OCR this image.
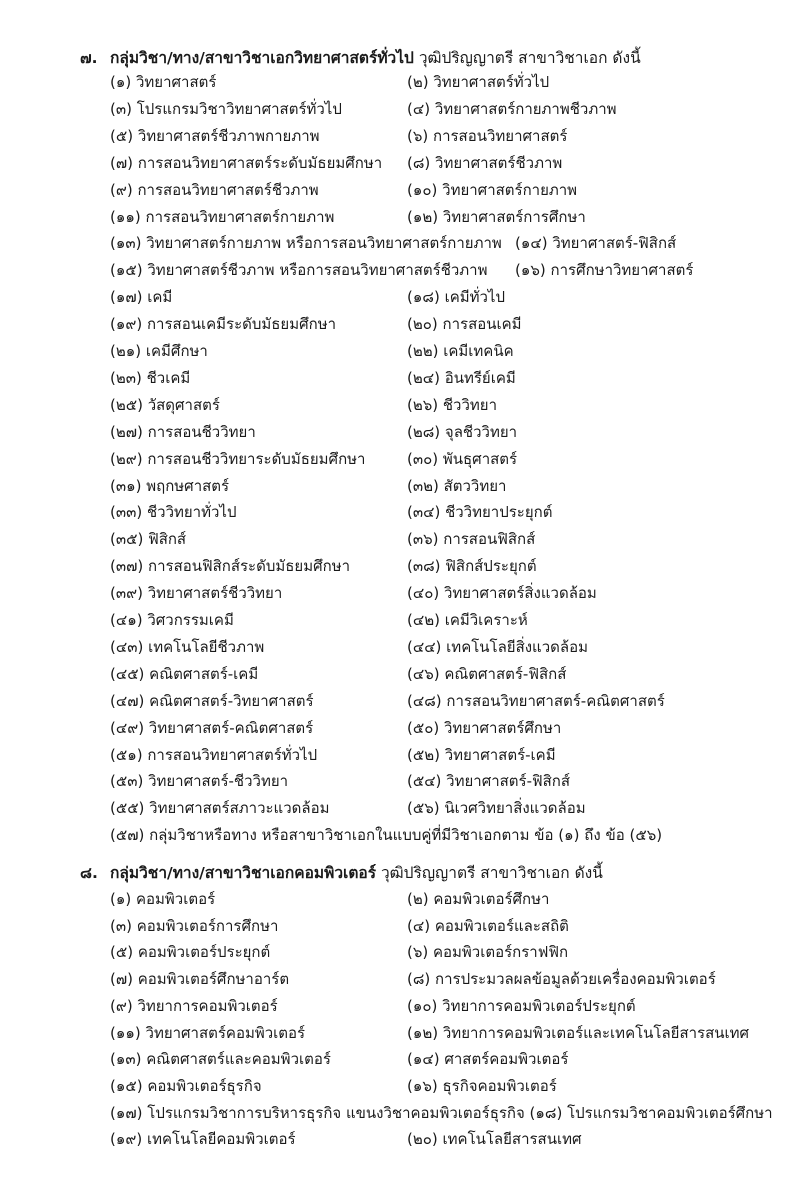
๗. กลุ่มวิชา/ทาง/สาขาวิชาเอกวิทยาศาสตร์ทั่วไป วุฒิปริญญาตรี สาขาวิชาเอก ดังนี้
(๑) วิทยาศาสตร์	(๒) วิทยาศาสตร์ทั่วไป
(๓) โปรแกรมวิชาวิทยาศาสตร์ทั่วไป	(๔) วิทยาศาสตร์กายภาพชีวภาพ
(๕) วิทยาศาสตร์ชีวภาพกายภาพ	(๖) การสอนวิทยาศาสตร์
(๗) การสอนวิทยาศาสตร์ระดับมัธยมศึกษา (๘) วิทยาศาสตร์ชีวภาพ
(๙) การสอนวิทยาศาสตร์ชีวภาพ	(๑๐) วิทยาศาสตร์กายภาพ
(๑๑) การสอนวิทยาศาสตร์กายภาพ	(๑๒) วิทยาศาสตร์การศึกษา
(๑๓) วิทยาศาสตร์กายภาพ หรือการสอนวิทยาศาสตร์กายภาพ (๑๔) วิทยาศาสตร์-ฟิสิกส์
(๑๕) วิทยาศาสตร์ชีวภาพ หรือการสอนวิทยาศาสตร์ชีวภาพ (๑๖) การศึกษาวิทยาศาสตร์
(๑๗) เคมี	(๑๘) เคมีทั่วไป
(๑๙) การสอนเคมีระดับมัธยมศึกษา	(๒๐) การสอนเคมี
(๒๑) เคมีศึกษา	(๒๒) เคมีเทคนิค
(๒๓) ชีวเคมี	(๒๔) อินทรีย์เคมี
(๒๕) วัสดุศาสตร์	(๒๖) ชีววิทยา
(๒๗) การสอนชีววิทยา	(๒๘) จุลชีววิทยา
(๒๙) การสอนชีววิทยาระดับมัธยมศึกษา	(๓๐) พันธุศาสตร์
(๓๑) พฤกษศาสตร์	(๓๒) สัตววิทยา
(๓๓) ชีววิทยาทั่วไป	(๓๔) ชีววิทยาประยุกต์
(๓๕) ฟิสิกส์	(๓๖) การสอนฟิสิกส์
(๓๗) การสอนฟิสิกส์ระดับมัธยมศึกษา	(๓๘) ฟิสิกส์ประยุกต์
(๓๙) วิทยาศาสตร์ชีววิทยา	(๔๐) วิทยาศาสตร์สิ่งแวดล้อม
(๔๑) วิศวกรรมเคมี	(๔๒) เคมีวิเคราะห์
(๔๓) เทคโนโลยีชีวภาพ	(๔๔) เทคโนโลยีสิ่งแวดล้อม
(๔๕) คณิตศาสตร์-เคมี	(๔๖) คณิตศาสตร์-ฟิสิกส์
(๔๗) คณิตศาสตร์-วิทยาศาสตร์	(๔๘) การสอนวิทยาศาสตร์-คณิตศาสตร์
(๔๙) วิทยาศาสตร์-คณิตศาสตร์	(๕๐) วิทยาศาสตร์ศึกษา
(๕๑) การสอนวิทยาศาสตร์ทั่วไป	(๕๒) วิทยาศาสตร์-เคมี
(๕๓) วิทยาศาสตร์-ชีววิทยา	(๕๔) วิทยาศาสตร์-ฟิสิกส์
(๕๕) วิทยาศาสตร์สภาวะแวดล้อม	(๕๖) นิเวศวิทยาสิ่งแวดล้อม
(๕๗) กลุ่มวิชาหรือทาง หรือสาขาวิชาเอกในแบบคู่ที่มีวิชาเอกตาม ข้อ (๑) ถึง ข้อ (๕๖)
๘. กลุ่มวิชา/ทาง/สาขาวิชาเอกคอมพิวเตอร์ วุฒิปริญญาตรี สาขาวิชาเอก ดังนี้
(๑) คอมพิวเตอร์	(๒) คอมพิวเตอร์ศึกษา
(๓) คอมพิวเตอร์การศึกษา	(๔) คอมพิวเตอร์และสถิติ
(๕) คอมพิวเตอร์ประยุกต์	(๖) คอมพิวเตอร์กราฟฟิก
(๗) คอมพิวเตอร์ศึกษาอาร์ต	(๘) การประมวลผลข้อมูลด้วยเครื่องคอมพิวเตอร์
(๙) วิทยาการคอมพิวเตอร์	(๑๐) วิทยาการคอมพิวเตอร์ประยุกต์
(๑๑) วิทยาศาสตร์คอมพิวเตอร์	(๑๒) วิทยาการคอมพิวเตอร์และเทคโนโลยีสารสนเทศ
(๑๓) คณิตศาสตร์และคอมพิวเตอร์	(๑๔) ศาสตร์คอมพิวเตอร์
(๑๕) คอมพิวเตอร์ธุรกิจ	(๑๖) ธุรกิจคอมพิวเตอร์
(๑๗) โปรแกรมวิชาการบริหารธุรกิจ แขนงวิชาคอมพิวเตอร์ธุรกิจ (๑๘) โปรแกรมวิชาคอมพิวเตอร์ศึกษา
(๑๙) เทคโนโลยีคอมพิวเตอร์	(๒๐) เทคโนโลยีสารสนเทศ
